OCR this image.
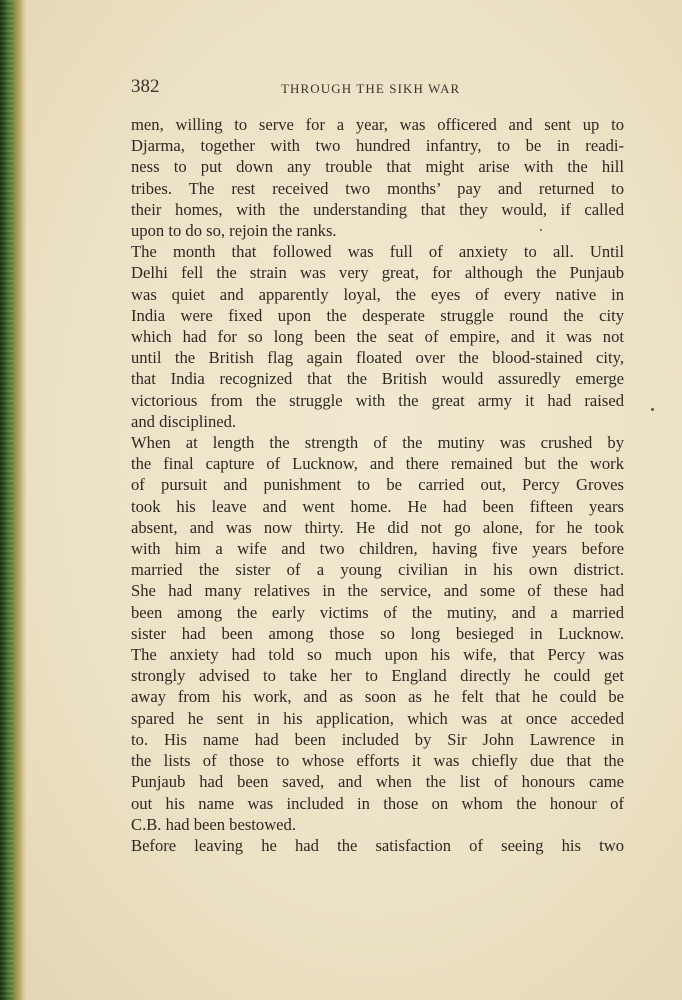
382	THROUGH THE SIKH WAR

men, willing to serve for a year, was officered and sent up to

Djarma, together with two hundred infantry, to be in readi-

ness to put down any trouble that might arise with the hill

tribes. The rest received two months’ pay and returned to

their homes, with the understanding that they would, if called

upon to do so, rejoin the ranks.

The month that followed was full of anxiety to all. Until

Delhi fell the strain was very great, for although the Punjaub

was quiet and apparently loyal, the eyes of every native in

India were fixed upon the desperate struggle round the city

which had for so long been the seat of empire, and it was not

until the British flag again floated over the blood-stained city,

that India recognized that the British would assuredly emerge

victorious from the struggle with the great army it had raised

and disciplined.

When at length the strength of the mutiny was crushed by

the final capture of Lucknow, and there remained but the work

of pursuit and punishment to be carried out, Percy Groves

took his leave and went home. He had been fifteen years

absent, and was now thirty. He did not go alone, for he took

with him a wife and two children, having five years before

married the sister of a young civilian in his own district.

She had many relatives in the service, and some of these had

been among the early victims of the mutiny, and a married

sister had been among those so long besieged in Lucknow.

The anxiety had told so much upon his wife, that Percy was

strongly advised to take her to England directly he could get

away from his work, and as soon as he felt that he could be

spared he sent in his application, which was at once acceded

to. His name had been included by Sir John Lawrence in

the lists of those to whose efforts it was chiefly due that the

Punjaub had been saved, and when the list of honours came

out his name was included in those on whom the honour of

C.B. had been bestowed.

Before leaving he had the satisfaction of seeing his two
